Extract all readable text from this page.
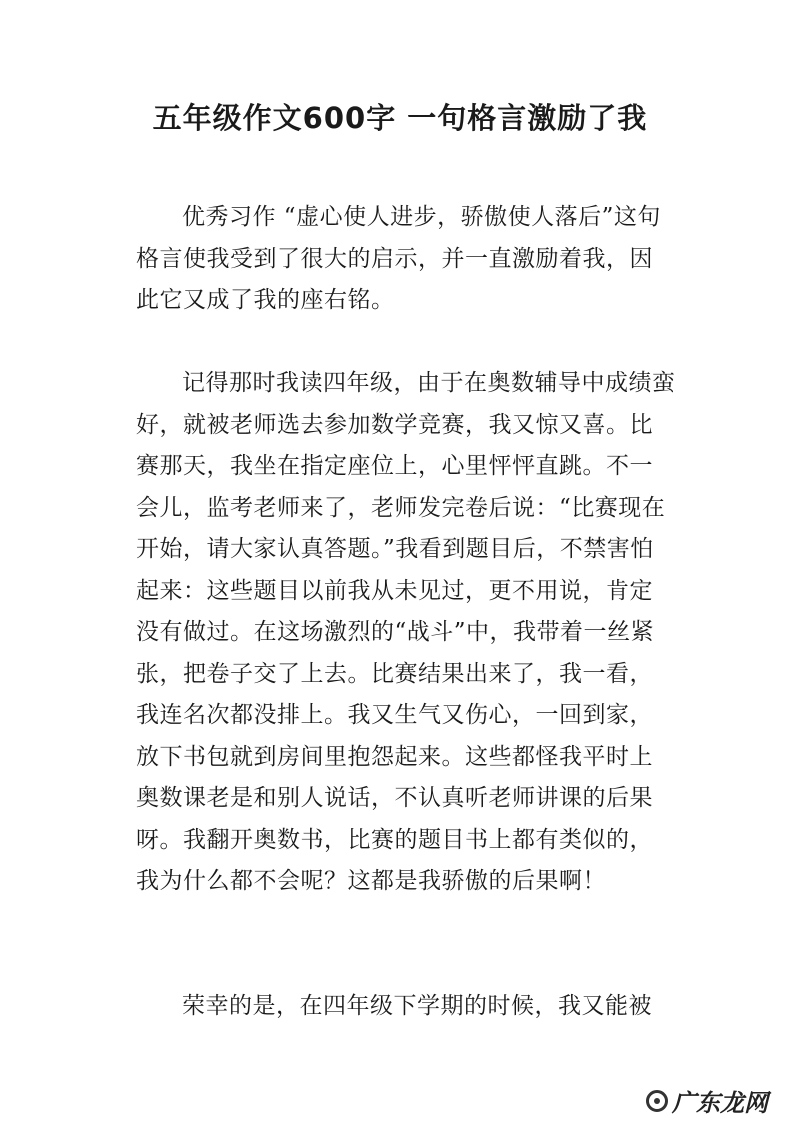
五年级作文600字 一句格言激励了我

优秀习作 “虚心使人进步，骄傲使人落后”这句格言使我受到了很大的启示，并一直激励着我，因此它又成了我的座右铭。

记得那时我读四年级，由于在奥数辅导中成绩蛮好，就被老师选去参加数学竞赛，我又惊又喜。比赛那天，我坐在指定座位上，心里怦怦直跳。不一会儿，监考老师来了，老师发完卷后说：“比赛现在开始，请大家认真答题。”我看到题目后，不禁害怕起来：这些题目以前我从未见过，更不用说，肯定没有做过。在这场激烈的“战斗”中，我带着一丝紧张，把卷子交了上去。比赛结果出来了，我一看，我连名次都没排上。我又生气又伤心，一回到家，放下书包就到房间里抱怨起来。这些都怪我平时上奥数课老是和别人说话，不认真听老师讲课的后果呀。我翻开奥数书，比赛的题目书上都有类似的，我为什么都不会呢？这都是我骄傲的后果啊！

荣幸的是，在四年级下学期的时候，我又能被

广东龙网
